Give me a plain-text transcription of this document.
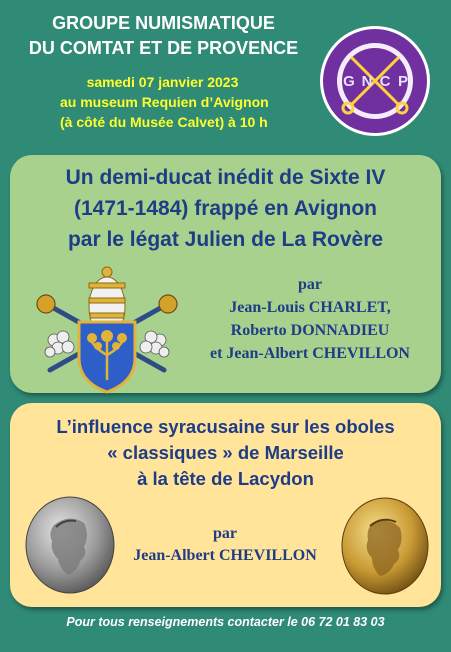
GROUPE NUMISMATIQUE
DU COMTAT ET DE PROVENCE
samedi 07 janvier 2023
au museum Requien d’Avignon
(à côté du Musée Calvet) à 10 h
G N C P
Un demi-ducat inédit de Sixte IV
(1471-1484) frappé en Avignon
par le légat Julien de La Rovère
par
Jean-Louis CHARLET,
Roberto DONNADIEU
et Jean-Albert CHEVILLON
L’influence syracusaine sur les oboles
« classiques » de Marseille
à la tête de Lacydon
par
Jean-Albert CHEVILLON
Pour tous renseignements contacter le 06 72 01 83 03
